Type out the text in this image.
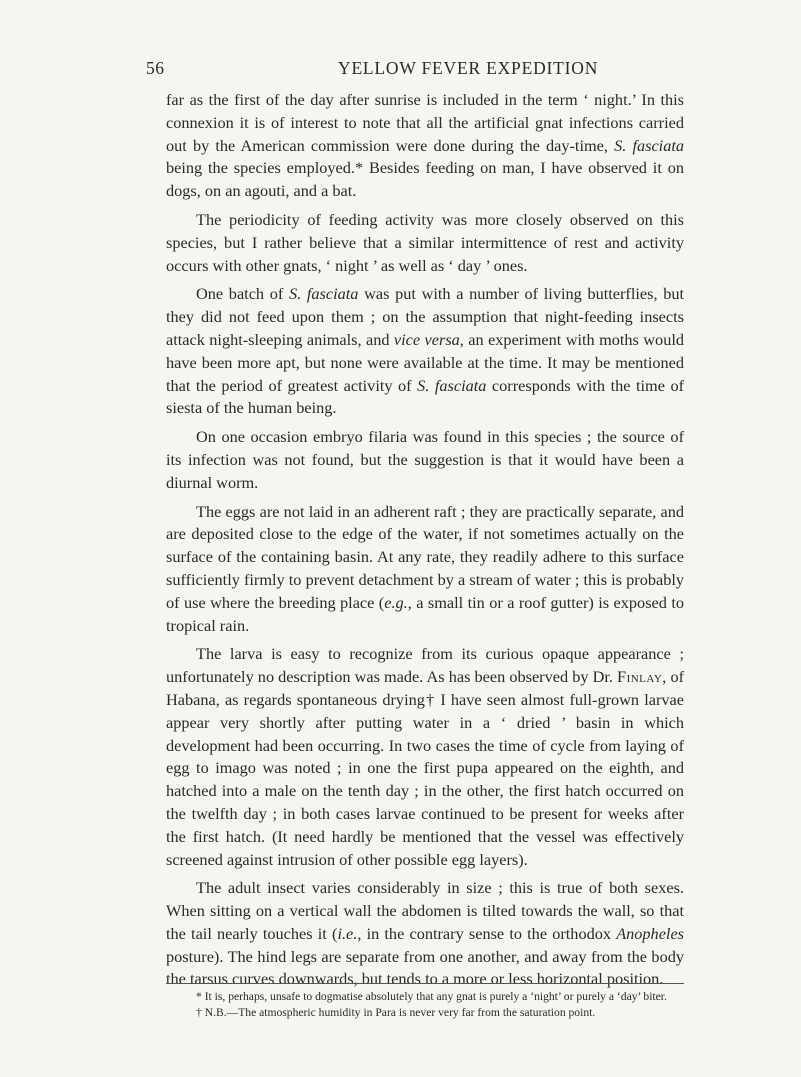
56	YELLOW FEVER EXPEDITION

far as the first of the day after sunrise is included in the term ‘ night.’ In this connexion it is of interest to note that all the artificial gnat infections carried out by the American commission were done during the day-time, S. fasciata being the species employed.* Besides feeding on man, I have observed it on dogs, on an agouti, and a bat.

The periodicity of feeding activity was more closely observed on this species, but I rather believe that a similar intermittence of rest and activity occurs with other gnats, ‘ night ’ as well as ‘ day ’ ones.

One batch of S. fasciata was put with a number of living butterflies, but they did not feed upon them ; on the assumption that night-feeding insects attack night-sleeping animals, and vice versa, an experiment with moths would have been more apt, but none were available at the time. It may be mentioned that the period of greatest activity of S. fasciata corresponds with the time of siesta of the human being.

On one occasion embryo filaria was found in this species ; the source of its infection was not found, but the suggestion is that it would have been a diurnal worm.

The eggs are not laid in an adherent raft ; they are practically separate, and are deposited close to the edge of the water, if not sometimes actually on the surface of the containing basin. At any rate, they readily adhere to this surface sufficiently firmly to prevent detachment by a stream of water ; this is probably of use where the breeding place (e.g., a small tin or a roof gutter) is exposed to tropical rain.

The larva is easy to recognize from its curious opaque appearance ; unfortunately no description was made. As has been observed by Dr. Finlay, of Habana, as regards spontaneous drying† I have seen almost full-grown larvae appear very shortly after putting water in a ‘ dried ’ basin in which development had been occurring. In two cases the time of cycle from laying of egg to imago was noted ; in one the first pupa appeared on the eighth, and hatched into a male on the tenth day ; in the other, the first hatch occurred on the twelfth day ; in both cases larvae continued to be present for weeks after the first hatch. (It need hardly be mentioned that the vessel was effectively screened against intrusion of other possible egg layers).

The adult insect varies considerably in size ; this is true of both sexes. When sitting on a vertical wall the abdomen is tilted towards the wall, so that the tail nearly touches it (i.e., in the contrary sense to the orthodox Anopheles posture). The hind legs are separate from one another, and away from the body the tarsus curves downwards, but tends to a more or less horizontal position.

* It is, perhaps, unsafe to dogmatise absolutely that any gnat is purely a ‘night’ or purely a ‘day’ biter.

† N.B.—The atmospheric humidity in Para is never very far from the saturation point.
